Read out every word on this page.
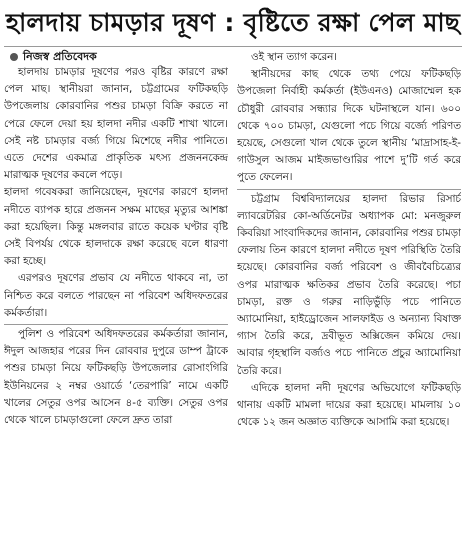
হালদায় চামড়ার দূষণ : বৃষ্টিতে রক্ষা পেল মাছ
নিজস্ব প্রতিবেদক

হালদায় চামড়ার দূষণের পরও বৃষ্টির কারণে রক্ষা পেল মাছ। স্থানীয়রা জানান, চট্টগ্রামের ফটিকছড়ি উপজেলায় কোরবানির পশুর চামড়া বিক্রি করতে না পেরে ফেলে দেয়া হয় হালদা নদীর একটি শাখা খালে। সেই নষ্ট চামড়ার বর্জ্য গিয়ে মিশেছে নদীর পানিতে। এতে দেশের একমাত্র প্রাকৃতিক মৎস্য প্রজননকেন্দ্র মারাত্মক দূষণের কবলে পড়ে।

হালদা গবেষকরা জানিয়েছেন, দূষণের কারণে হালদা নদীতে ব্যাপক হারে প্রজনন সক্ষম মাছের মৃত্যুর আশঙ্কা করা হয়েছিল। কিন্তু মঙ্গলবার রাতে কয়েক ঘণ্টার বৃষ্টি সেই বিপর্যয় থেকে হালদাকে রক্ষা করেছে বলে ধারণা করা হচ্ছে।

এরপরও দূষণের প্রভাব যে নদীতে থাকবে না, তা নিশ্চিত করে বলতে পারছেন না পরিবেশ অধিদফতরের কর্মকর্তারা।

পুলিশ ও পরিবেশ অধিদফতরের কর্মকর্তারা জানান, ঈদুল আজহার পরের দিন রোববার দুপুরে ডাম্প ট্রাকে পশুর চামড়া নিয়ে ফটিকছড়ি উপজেলার রোসাংগিরি ইউনিয়নের ২ নম্বর ওয়ার্ডে ‘তেরপারি’ নামে একটি খালের সেতুর ওপর আসেন ৪-৫ ব্যক্তি। সেতুর ওপর থেকে খালে চামড়াগুলো ফেলে দ্রুত তারা

ওই স্থান ত্যাগ করেন।

স্থানীয়দের কাছ থেকে তথ্য পেয়ে ফটিকছড়ি উপজেলা নির্বাহী কর্মকর্তা (ইউএনও) মোজাম্মেল হক চৌধুরী রোববার সন্ধ্যার দিকে ঘটনাস্থলে যান। ৬০০ থেকে ৭০০ চামড়া, যেগুলো পচে গিয়ে বর্জ্যে পরিণত হয়েছে, সেগুলো খাল থেকে তুলে স্থানীয় ‘মাদ্রাসাহ-ই-গাউসুল আজম মাইজভাণ্ডারির পাশে দু’টি গর্ত করে পুতে ফেলেন।

চট্টগ্রাম বিশ্ববিদ্যালয়ের হালদা রিভার রিসার্চ ল্যাবরেটরির কো-অর্ডিনেটর অধ্যাপক মো: মনজুরুল কিবরিয়া সাংবাদিকদের জানান, কোরবানির পশুর চামড়া ফেলায় তিন কারণে হালদা নদীতে দূষণ পরিস্থিতি তৈরি হয়েছে। কোরবানির বর্জ্য পরিবেশ ও জীববৈচিত্র্যের ওপর মারাত্মক ক্ষতিকর প্রভাব তৈরি করেছে। পচা চামড়া, রক্ত ও গরুর নাড়িভুঁড়ি পচে পানিতে অ্যামোনিয়া, হাইড্রোজেন সালফাইড ও অন্যান্য বিষাক্ত গ্যাস তৈরি করে, দ্রবীভূত অক্সিজেন কমিয়ে দেয়। আবার গৃহস্থালি বর্জ্যও পচে পানিতে প্রচুর অ্যামোনিয়া তৈরি করে।

এদিকে হালদা নদী দূষণের অভিযোগে ফটিকছড়ি থানায় একটি মামলা দায়ের করা হয়েছে। মামলায় ১০ থেকে ১২ জন অজ্ঞাত ব্যক্তিকে আসামি করা হয়েছে।
